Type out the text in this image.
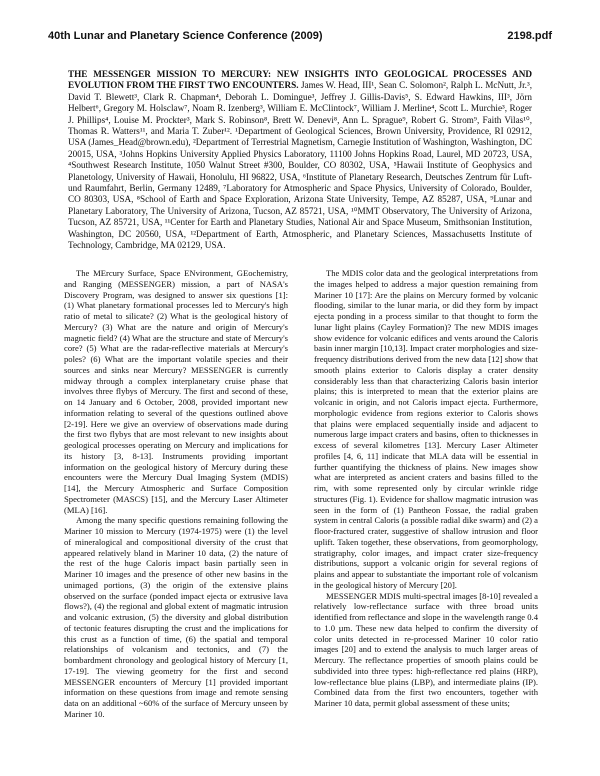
40th Lunar and Planetary Science Conference (2009)	2198.pdf
THE MESSENGER MISSION TO MERCURY: NEW INSIGHTS INTO GEOLOGICAL PROCESSES AND EVOLUTION FROM THE FIRST TWO ENCOUNTERS. James W. Head, III¹, Sean C. Solomon², Ralph L. McNutt, Jr.³, David T. Blewett³, Clark R. Chapman⁴, Deborah L. Domingue³, Jeffrey J. Gillis-Davis⁵, S. Edward Hawkins, III³, Jörn Helbert⁶, Gregory M. Holsclaw⁷, Noam R. Izenberg³, William E. McClintock⁷, William J. Merline⁴, Scott L. Murchie³, Roger J. Phillips⁴, Louise M. Prockter³, Mark S. Robinson⁸, Brett W. Denevi⁸, Ann L. Sprague⁹, Robert G. Strom⁹, Faith Vilas¹⁰, Thomas R. Watters¹¹, and Maria T. Zuber¹². ¹Department of Geological Sciences, Brown University, Providence, RI 02912, USA (James_Head@brown.edu), ²Department of Terrestrial Magnetism, Carnegie Institution of Washington, Washington, DC 20015, USA, ³Johns Hopkins University Applied Physics Laboratory, 11100 Johns Hopkins Road, Laurel, MD 20723, USA, ⁴Southwest Research Institute, 1050 Walnut Street #300, Boulder, CO 80302, USA, ⁵Hawaii Institute of Geophysics and Planetology, University of Hawaii, Honolulu, HI 96822, USA, ⁶Institute of Planetary Research, Deutsches Zentrum für Luft- und Raumfahrt, Berlin, Germany 12489, ⁷Laboratory for Atmospheric and Space Physics, University of Colorado, Boulder, CO 80303, USA, ⁸School of Earth and Space Exploration, Arizona State University, Tempe, AZ 85287, USA, ⁹Lunar and Planetary Laboratory, The University of Arizona, Tucson, AZ 85721, USA, ¹⁰MMT Observatory, The University of Arizona, Tucson, AZ 85721, USA, ¹¹Center for Earth and Planetary Studies, National Air and Space Museum, Smithsonian Institution, Washington, DC 20560, USA, ¹²Department of Earth, Atmospheric, and Planetary Sciences, Massachusetts Institute of Technology, Cambridge, MA 02129, USA.

The MErcury Surface, Space ENvironment, GEochemistry, and Ranging (MESSENGER) mission, a part of NASA's Discovery Program, was designed to answer six questions [1]: (1) What planetary formational processes led to Mercury's high ratio of metal to silicate? (2) What is the geological history of Mercury? (3) What are the nature and origin of Mercury's magnetic field? (4) What are the structure and state of Mercury's core? (5) What are the radar-reflective materials at Mercury's poles? (6) What are the important volatile species and their sources and sinks near Mercury? MESSENGER is currently midway through a complex interplanetary cruise phase that involves three flybys of Mercury. The first and second of these, on 14 January and 6 October, 2008, provided important new information relating to several of the questions outlined above [2-19]. Here we give an overview of observations made during the first two flybys that are most relevant to new insights about geological processes operating on Mercury and implications for its history [3, 8-13]. Instruments providing important information on the geological history of Mercury during these encounters were the Mercury Dual Imaging System (MDIS) [14], the Mercury Atmospheric and Surface Composition Spectrometer (MASCS) [15], and the Mercury Laser Altimeter (MLA) [16].

Among the many specific questions remaining following the Mariner 10 mission to Mercury (1974-1975) were (1) the level of mineralogical and compositional diversity of the crust that appeared relatively bland in Mariner 10 data, (2) the nature of the rest of the huge Caloris impact basin partially seen in Mariner 10 images and the presence of other new basins in the unimaged portions, (3) the origin of the extensive plains observed on the surface (ponded impact ejecta or extrusive lava flows?), (4) the regional and global extent of magmatic intrusion and volcanic extrusion, (5) the diversity and global distribution of tectonic features disrupting the crust and the implications for this crust as a function of time, (6) the spatial and temporal relationships of volcanism and tectonics, and (7) the bombardment chronology and geological history of Mercury [1, 17-19]. The viewing geometry for the first and second MESSENGER encounters of Mercury [1] provided important information on these questions from image and remote sensing data on an additional ~60% of the surface of Mercury unseen by Mariner 10.

The MDIS color data and the geological interpretations from the images helped to address a major question remaining from Mariner 10 [17]: Are the plains on Mercury formed by volcanic flooding, similar to the lunar maria, or did they form by impact ejecta ponding in a process similar to that thought to form the lunar light plains (Cayley Formation)? The new MDIS images show evidence for volcanic edifices and vents around the Caloris basin inner margin [10,13]. Impact crater morphologies and size-frequency distributions derived from the new data [12] show that smooth plains exterior to Caloris display a crater density considerably less than that characterizing Caloris basin interior plains; this is interpreted to mean that the exterior plains are volcanic in origin, and not Caloris impact ejecta. Furthermore, morphologic evidence from regions exterior to Caloris shows that plains were emplaced sequentially inside and adjacent to numerous large impact craters and basins, often to thicknesses in excess of several kilometres [13]. Mercury Laser Altimeter profiles [4, 6, 11] indicate that MLA data will be essential in further quantifying the thickness of plains. New images show what are interpreted as ancient craters and basins filled to the rim, with some represented only by circular wrinkle ridge structures (Fig. 1). Evidence for shallow magmatic intrusion was seen in the form of (1) Pantheon Fossae, the radial graben system in central Caloris (a possible radial dike swarm) and (2) a floor-fractured crater, suggestive of shallow intrusion and floor uplift. Taken together, these observations, from geomorphology, stratigraphy, color images, and impact crater size-frequency distributions, support a volcanic origin for several regions of plains and appear to substantiate the important role of volcanism in the geological history of Mercury [20].

MESSENGER MDIS multi-spectral images [8-10] revealed a relatively low-reflectance surface with three broad units identified from reflectance and slope in the wavelength range 0.4 to 1.0 µm. These new data helped to confirm the diversity of color units detected in re-processed Mariner 10 color ratio images [20] and to extend the analysis to much larger areas of Mercury. The reflectance properties of smooth plains could be subdivided into three types: high-reflectance red plains (HRP), low-reflectance blue plains (LBP), and intermediate plains (IP). Combined data from the first two encounters, together with Mariner 10 data, permit global assessment of these units;
